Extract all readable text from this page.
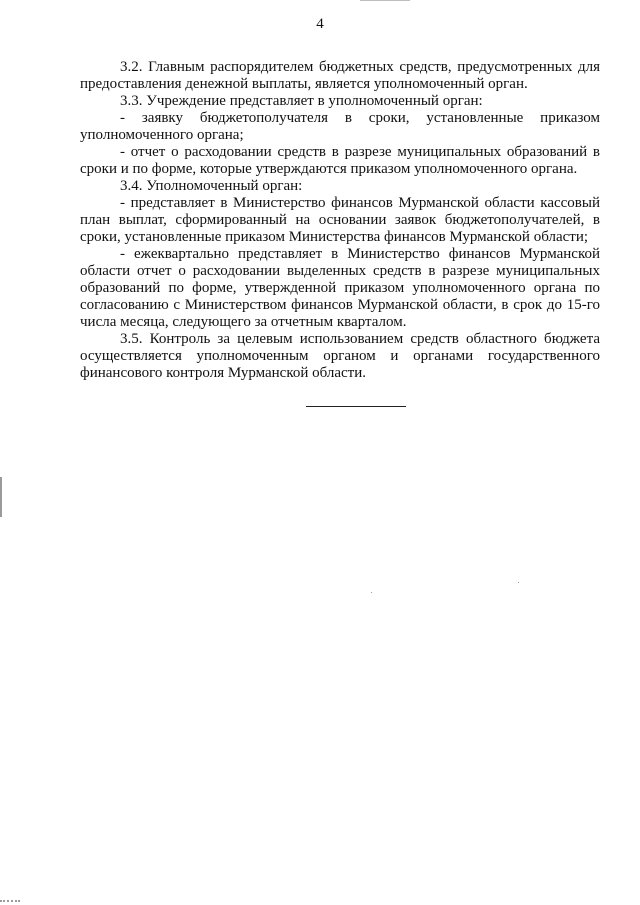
4

3.2. Главным распорядителем бюджетных средств, предусмотренных для предоставления денежной выплаты, является уполномоченный орган.

3.3. Учреждение представляет в уполномоченный орган:

- заявку бюджетополучателя в сроки, установленные приказом уполномоченного органа;

- отчет о расходовании средств в разрезе муниципальных образований в сроки и по форме, которые утверждаются приказом уполномоченного органа.

3.4. Уполномоченный орган:

- представляет в Министерство финансов Мурманской области кассовый план выплат, сформированный на основании заявок бюджетополучателей, в сроки, установленные приказом Министерства финансов Мурманской области;

- ежеквартально представляет в Министерство финансов Мурманской области отчет о расходовании выделенных средств в разрезе муниципальных образований по форме, утвержденной приказом уполномоченного органа по согласованию с Министерством финансов Мурманской области, в срок до 15-го числа месяца, следующего за отчетным кварталом.

3.5. Контроль за целевым использованием средств областного бюджета осуществляется уполномоченным органом и органами государственного финансового контроля Мурманской области.
